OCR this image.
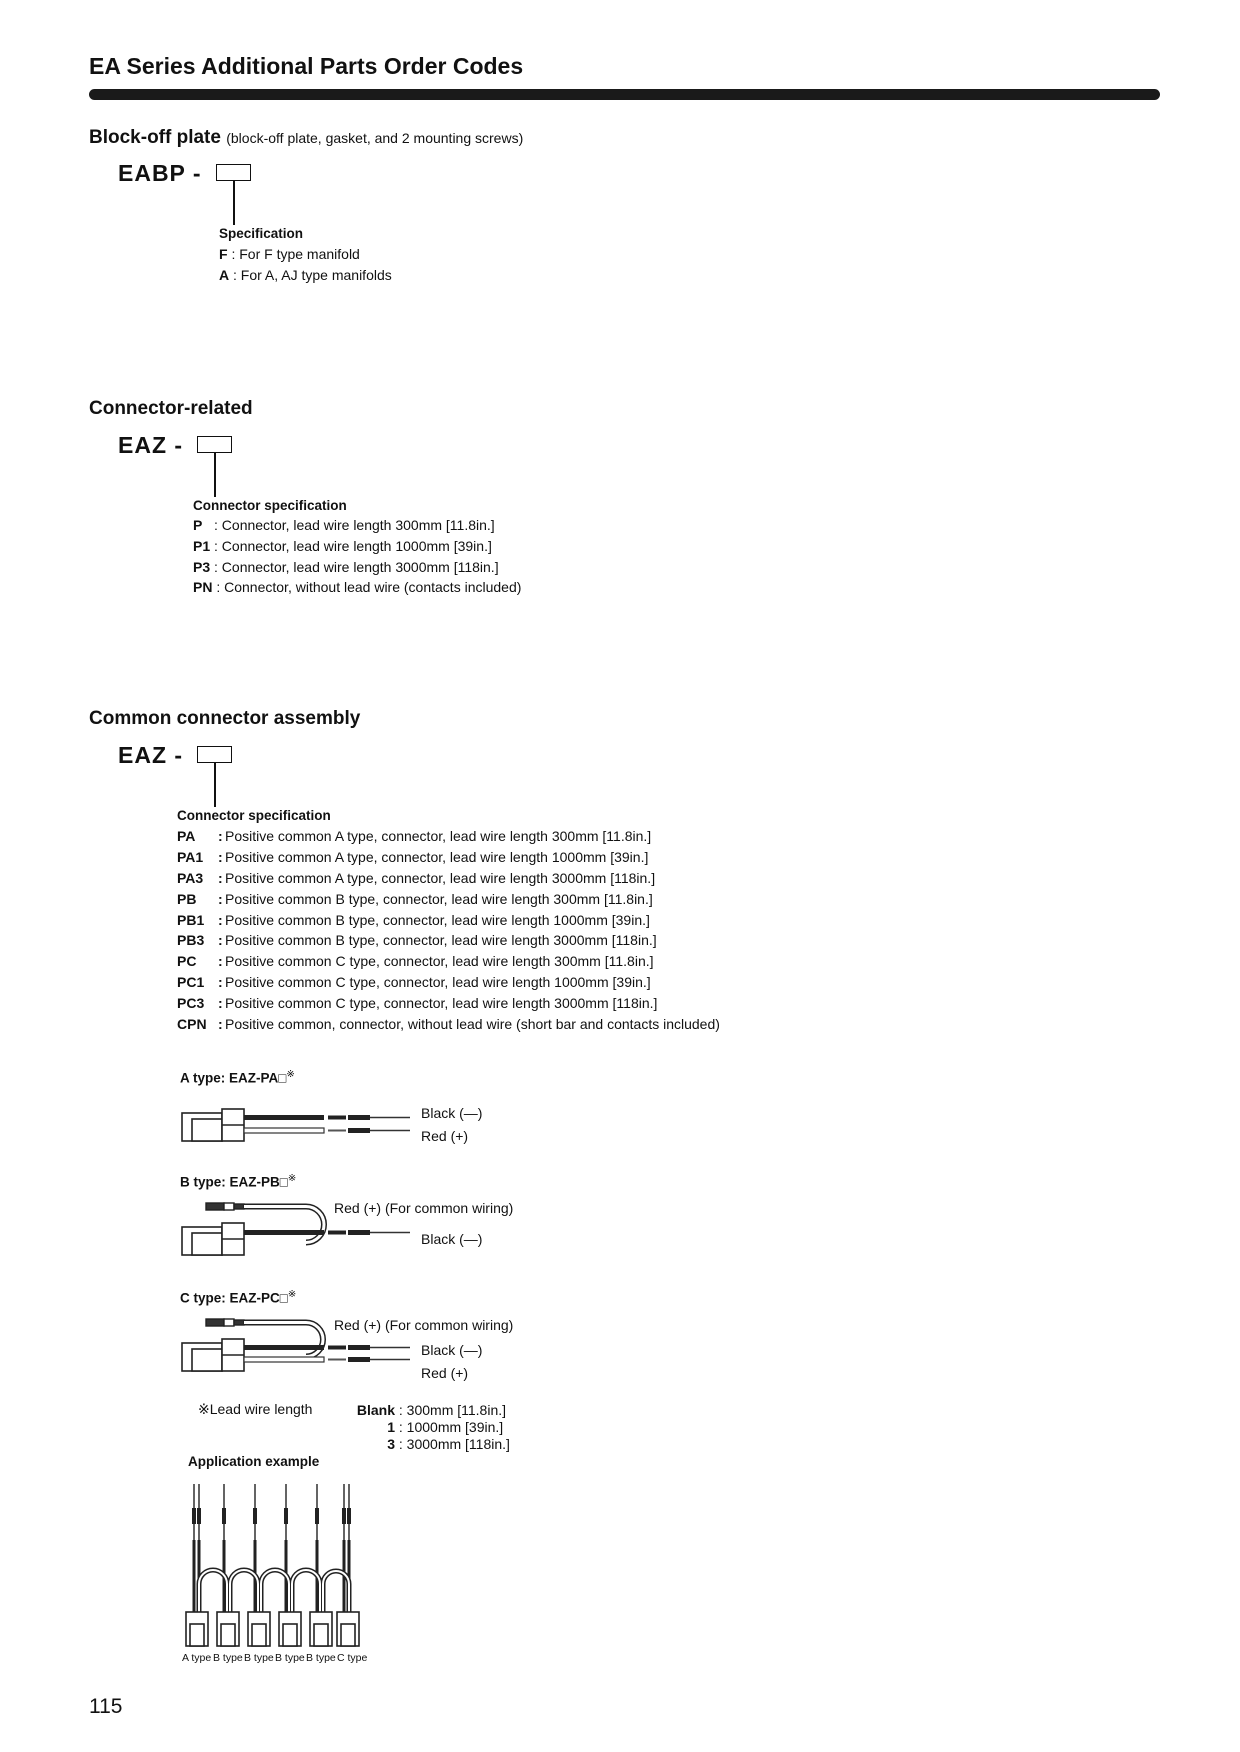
EA Series Additional Parts Order Codes
Block-off plate (block-off plate, gasket, and 2 mounting screws)
EABP -
Specification
F : For F type manifold
A : For A, AJ type manifolds
Connector-related
EAZ -
Connector specification
P   : Connector, lead wire length 300mm [11.8in.]
P1 : Connector, lead wire length 1000mm [39in.]
P3 : Connector, lead wire length 3000mm [118in.]
PN : Connector, without lead wire (contacts included)
Common connector assembly
EAZ -
Connector specification
PA : Positive common A type, connector, lead wire length 300mm [11.8in.]
PA1 : Positive common A type, connector, lead wire length 1000mm [39in.]
PA3 : Positive common A type, connector, lead wire length 3000mm [118in.]
PB : Positive common B type, connector, lead wire length 300mm [11.8in.]
PB1 : Positive common B type, connector, lead wire length 1000mm [39in.]
PB3 : Positive common B type, connector, lead wire length 3000mm [118in.]
PC : Positive common C type, connector, lead wire length 300mm [11.8in.]
PC1 : Positive common C type, connector, lead wire length 1000mm [39in.]
PC3 : Positive common C type, connector, lead wire length 3000mm [118in.]
CPN : Positive common, connector, without lead wire (short bar and contacts included)
A type: EAZ-PA□※
Black (—)
Red (+)
B type: EAZ-PB□※
Red (+) (For common wiring)
Black (—)
C type: EAZ-PC□※
Red (+) (For common wiring)
Black (—)
Red (+)
※Lead wire length	Blank : 300mm [11.8in.]
1 : 1000mm [39in.]
3 : 3000mm [118in.]
Application example
A type B type B type B type B type C type
115
